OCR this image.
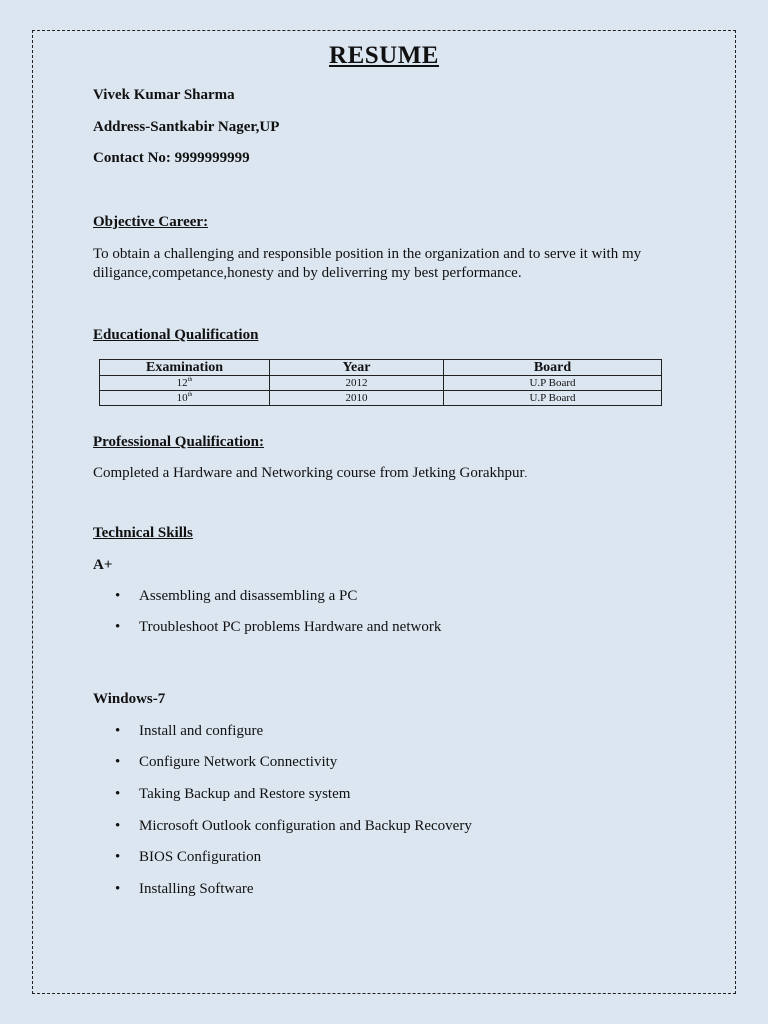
RESUME
Vivek Kumar Sharma
Address-Santkabir Nager,UP
Contact No: 9999999999
Objective Career:
To obtain a challenging and responsible position in the organization and to serve it with my
diligance,competance,honesty and by deliverring my best performance.
Educational Qualification
Examination	Year	Board
12th	2012	U.P Board
10th	2010	U.P Board
Professional Qualification:
Completed a Hardware and Networking course from Jetking Gorakhpur.
Technical Skills
A+
• Assembling and disassembling a PC
• Troubleshoot PC problems Hardware and network
Windows-7
• Install and configure
• Configure Network Connectivity
• Taking Backup and Restore system
• Microsoft Outlook configuration and Backup Recovery
• BIOS Configuration
• Installing Software
